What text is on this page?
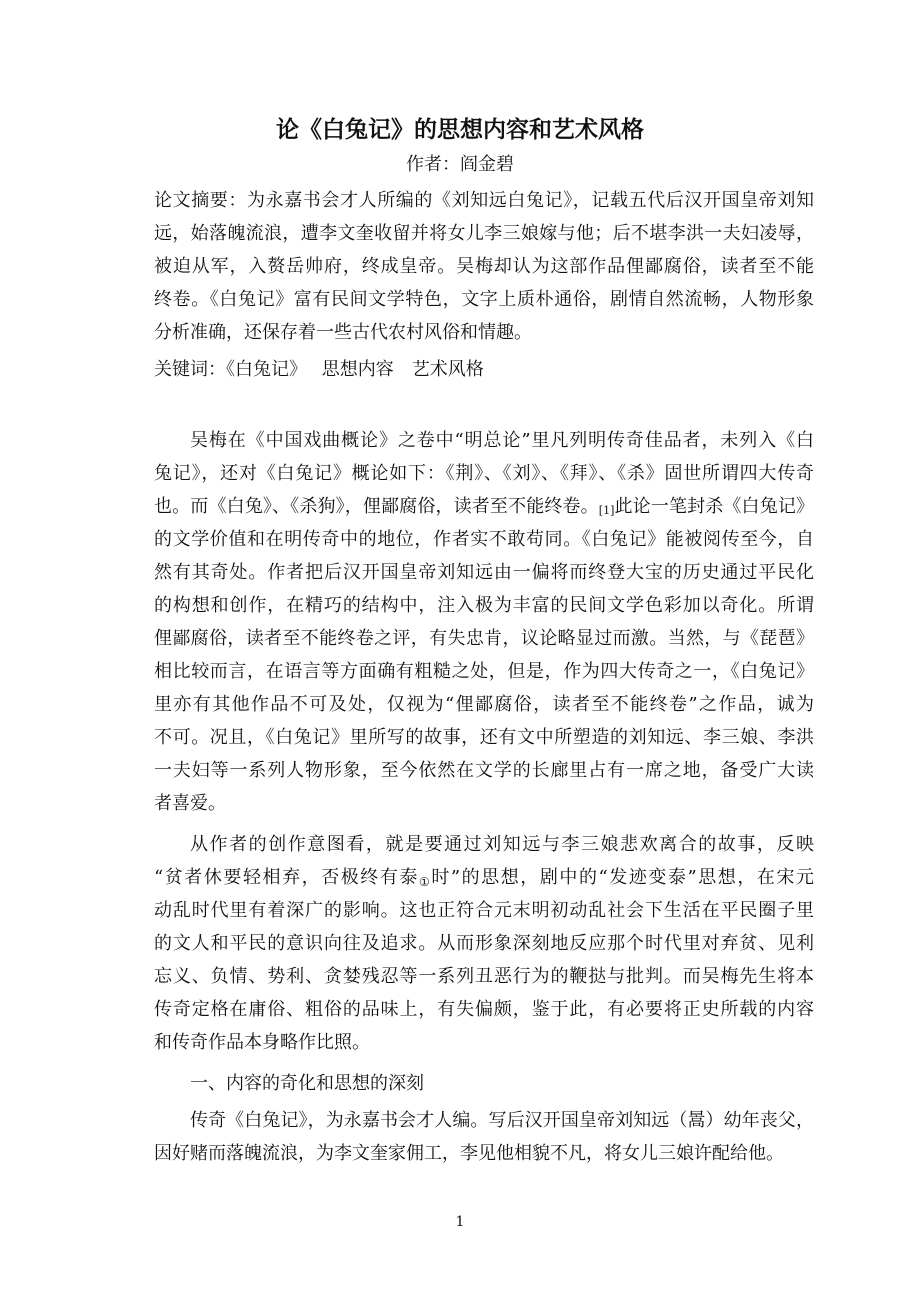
论《白兔记》的思想内容和艺术风格
作者：阎金碧
论文摘要：为永嘉书会才人所编的《刘知远白兔记》，记载五代后汉开国皇帝刘知
远，始落魄流浪，遭李文奎收留并将女儿李三娘嫁与他；后不堪李洪一夫妇凌辱，
被迫从军，入赘岳帅府，终成皇帝。吴梅却认为这部作品俚鄙腐俗，读者至不能
终卷。《白兔记》富有民间文学特色，文字上质朴通俗，剧情自然流畅，人物形象
分析准确，还保存着一些古代农村风俗和情趣。
关键词：《白兔记》　 思想内容　艺术风格
吴梅在《中国戏曲概论》之卷中“明总论”里凡列明传奇佳品者，未列入《白
兔记》，还对《白兔记》概论如下：《荆》、《刘》、《拜》、《杀》固世所谓四大传奇
也。而《白兔》、《杀狗》，俚鄙腐俗，读者至不能终卷。[1]此论一笔封杀《白兔记》
的文学价值和在明传奇中的地位，作者实不敢苟同。《白兔记》能被阅传至今，自
然有其奇处。作者把后汉开国皇帝刘知远由一偏将而终登大宝的历史通过平民化
的构想和创作，在精巧的结构中，注入极为丰富的民间文学色彩加以奇化。所谓
俚鄙腐俗，读者至不能终卷之评，有失忠肯，议论略显过而激。当然，与《琵琶》
相比较而言，在语言等方面确有粗糙之处，但是，作为四大传奇之一，《白兔记》
里亦有其他作品不可及处，仅视为“俚鄙腐俗，读者至不能终卷”之作品，诚为
不可。况且，《白兔记》里所写的故事，还有文中所塑造的刘知远、李三娘、李洪
一夫妇等一系列人物形象，至今依然在文学的长廊里占有一席之地，备受广大读
者喜爱。
从作者的创作意图看，就是要通过刘知远与李三娘悲欢离合的故事，反映
“贫者休要轻相弃，否极终有泰①时”的思想，剧中的“发迹变泰”思想，在宋元
动乱时代里有着深广的影响。这也正符合元末明初动乱社会下生活在平民圈子里
的文人和平民的意识向往及追求。从而形象深刻地反应那个时代里对弃贫、见利
忘义、负情、势利、贪婪残忍等一系列丑恶行为的鞭挞与批判。而吴梅先生将本
传奇定格在庸俗、粗俗的品味上，有失偏颇，鉴于此，有必要将正史所载的内容
和传奇作品本身略作比照。
一、内容的奇化和思想的深刻
传奇《白兔记》，为永嘉书会才人编。写后汉开国皇帝刘知远（暠）幼年丧父，
因好赌而落魄流浪，为李文奎家佣工，李见他相貌不凡，将女儿三娘许配给他。
1
